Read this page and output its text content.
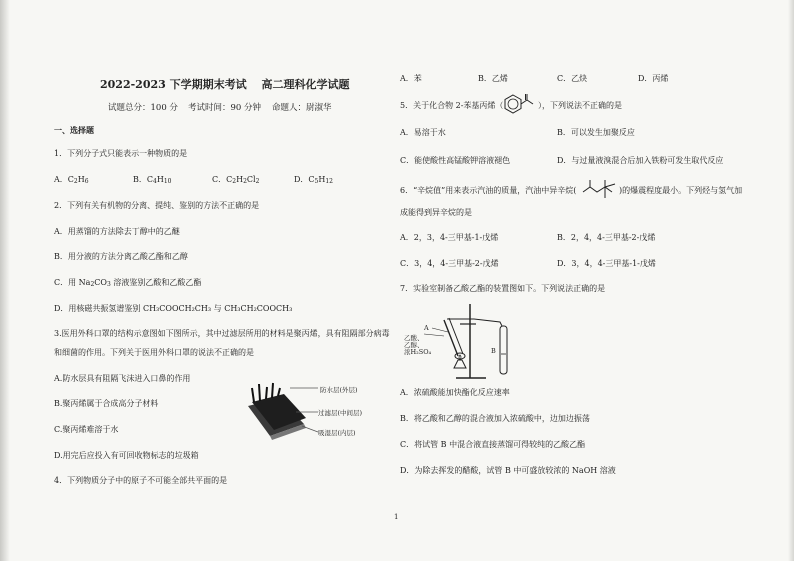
2022-2023 下学期期末考试　 高二理科化学试题
试题总分：100 分 考试时间：90 分钟 命题人：尉淑华
一、选择题
1．下列分子式只能表示一种物质的是
A．C2H6	B．C4H10	C．C2H2Cl2	D．C5H12
2．下列有关有机物的分离、提纯、鉴别的方法不正确的是
A．用蒸馏的方法除去丁醇中的乙醚
B．用分液的方法分离乙酸乙酯和乙醇
C．用 Na2CO3 溶液鉴别乙酸和乙酸乙酯
D．用核磁共振氢谱鉴别 CH₃COOCH₂CH₃ 与 CH₃CH₂COOCH₃
3.医用外科口罩的结构示意图如下图所示，其中过滤层所用的材料是聚丙烯，具有阻隔部分病毒
和细菌的作用。下列关于医用外科口罩的说法不正确的是
A.防水层具有阻隔飞沫进入口鼻的作用
B.聚丙烯属于合成高分子材料
C.聚丙烯难溶于水
D.用完后应投入有可回收物标志的垃圾箱
防水层(外层)
过滤层(中间层)
吸湿层(内层)
4．下列物质分子中的原子不可能全部共平面的是
A．苯	B．乙烯	C．乙炔	D．丙烯
5．关于化合物 2-苯基丙烯（	），下列说法不正确的是
A．易溶于水	B．可以发生加聚反应
C．能使酸性高锰酸钾溶液褪色	D．与过量液溴混合后加入铁粉可发生取代反应
6．“辛烷值”用来表示汽油的质量，汽油中异辛烷(	)的爆震程度最小。下列烃与氢气加
成能得到异辛烷的是
A．2，3，4-三甲基-1-戊烯	B．2，4，4-三甲基-2-戊烯
C．3，4，4-三甲基-2-戊烯	D．3，4，4-三甲基-1-戊烯
7．实验室制备乙酸乙酯的装置图如下。下列说法正确的是
A
B
乙酸、
乙醇、
浓H₂SO₄
A．浓硫酸能加快酯化反应速率
B．将乙酸和乙醇的混合液加入浓硫酸中，边加边振荡
C．将试管 B 中混合液直接蒸馏可得较纯的乙酸乙酯
D．为除去挥发的醋酸，试管 B 中可盛放较浓的 NaOH 溶液
1
